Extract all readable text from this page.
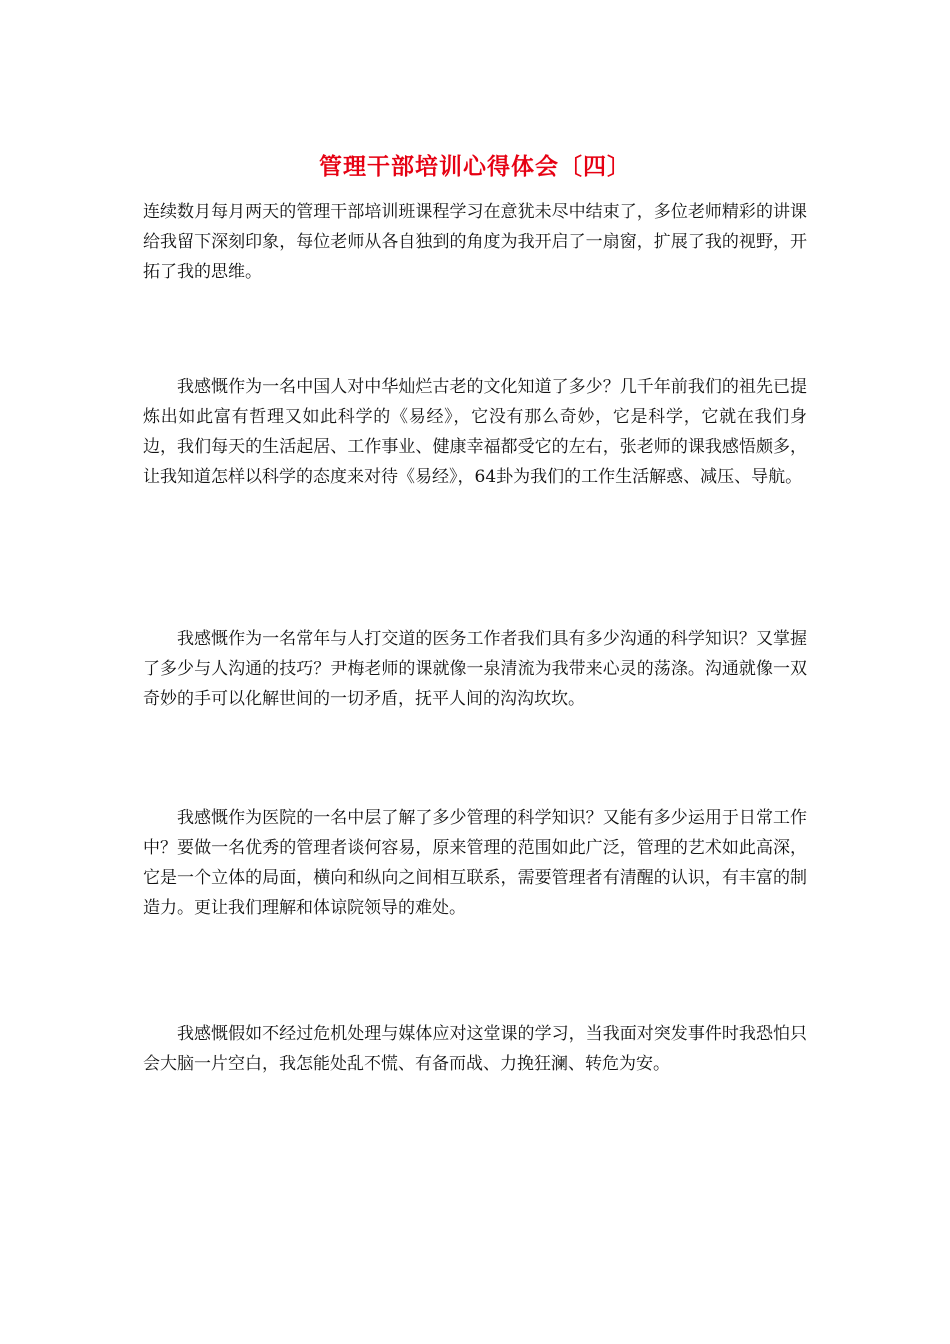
管理干部培训心得体会〔四〕

连续数月每月两天的管理干部培训班课程学习在意犹未尽中结束了，多位老师精彩的讲课给我留下深刻印象，每位老师从各自独到的角度为我开启了一扇窗，扩展了我的视野，开拓了我的思维。

我感慨作为一名中国人对中华灿烂古老的文化知道了多少？几千年前我们的祖先已提炼出如此富有哲理又如此科学的《易经》，它没有那么奇妙，它是科学，它就在我们身边，我们每天的生活起居、工作事业、健康幸福都受它的左右，张老师的课我感悟颇多，让我知道怎样以科学的态度来对待《易经》，64卦为我们的工作生活解惑、减压、导航。

我感慨作为一名常年与人打交道的医务工作者我们具有多少沟通的科学知识？又掌握了多少与人沟通的技巧？尹梅老师的课就像一泉清流为我带来心灵的荡涤。沟通就像一双奇妙的手可以化解世间的一切矛盾，抚平人间的沟沟坎坎。

我感慨作为医院的一名中层了解了多少管理的科学知识？又能有多少运用于日常工作中？要做一名优秀的管理者谈何容易，原来管理的范围如此广泛，管理的艺术如此高深，它是一个立体的局面，横向和纵向之间相互联系，需要管理者有清醒的认识，有丰富的制造力。更让我们理解和体谅院领导的难处。

我感慨假如不经过危机处理与媒体应对这堂课的学习，当我面对突发事件时我恐怕只会大脑一片空白，我怎能处乱不慌、有备而战、力挽狂澜、转危为安。
